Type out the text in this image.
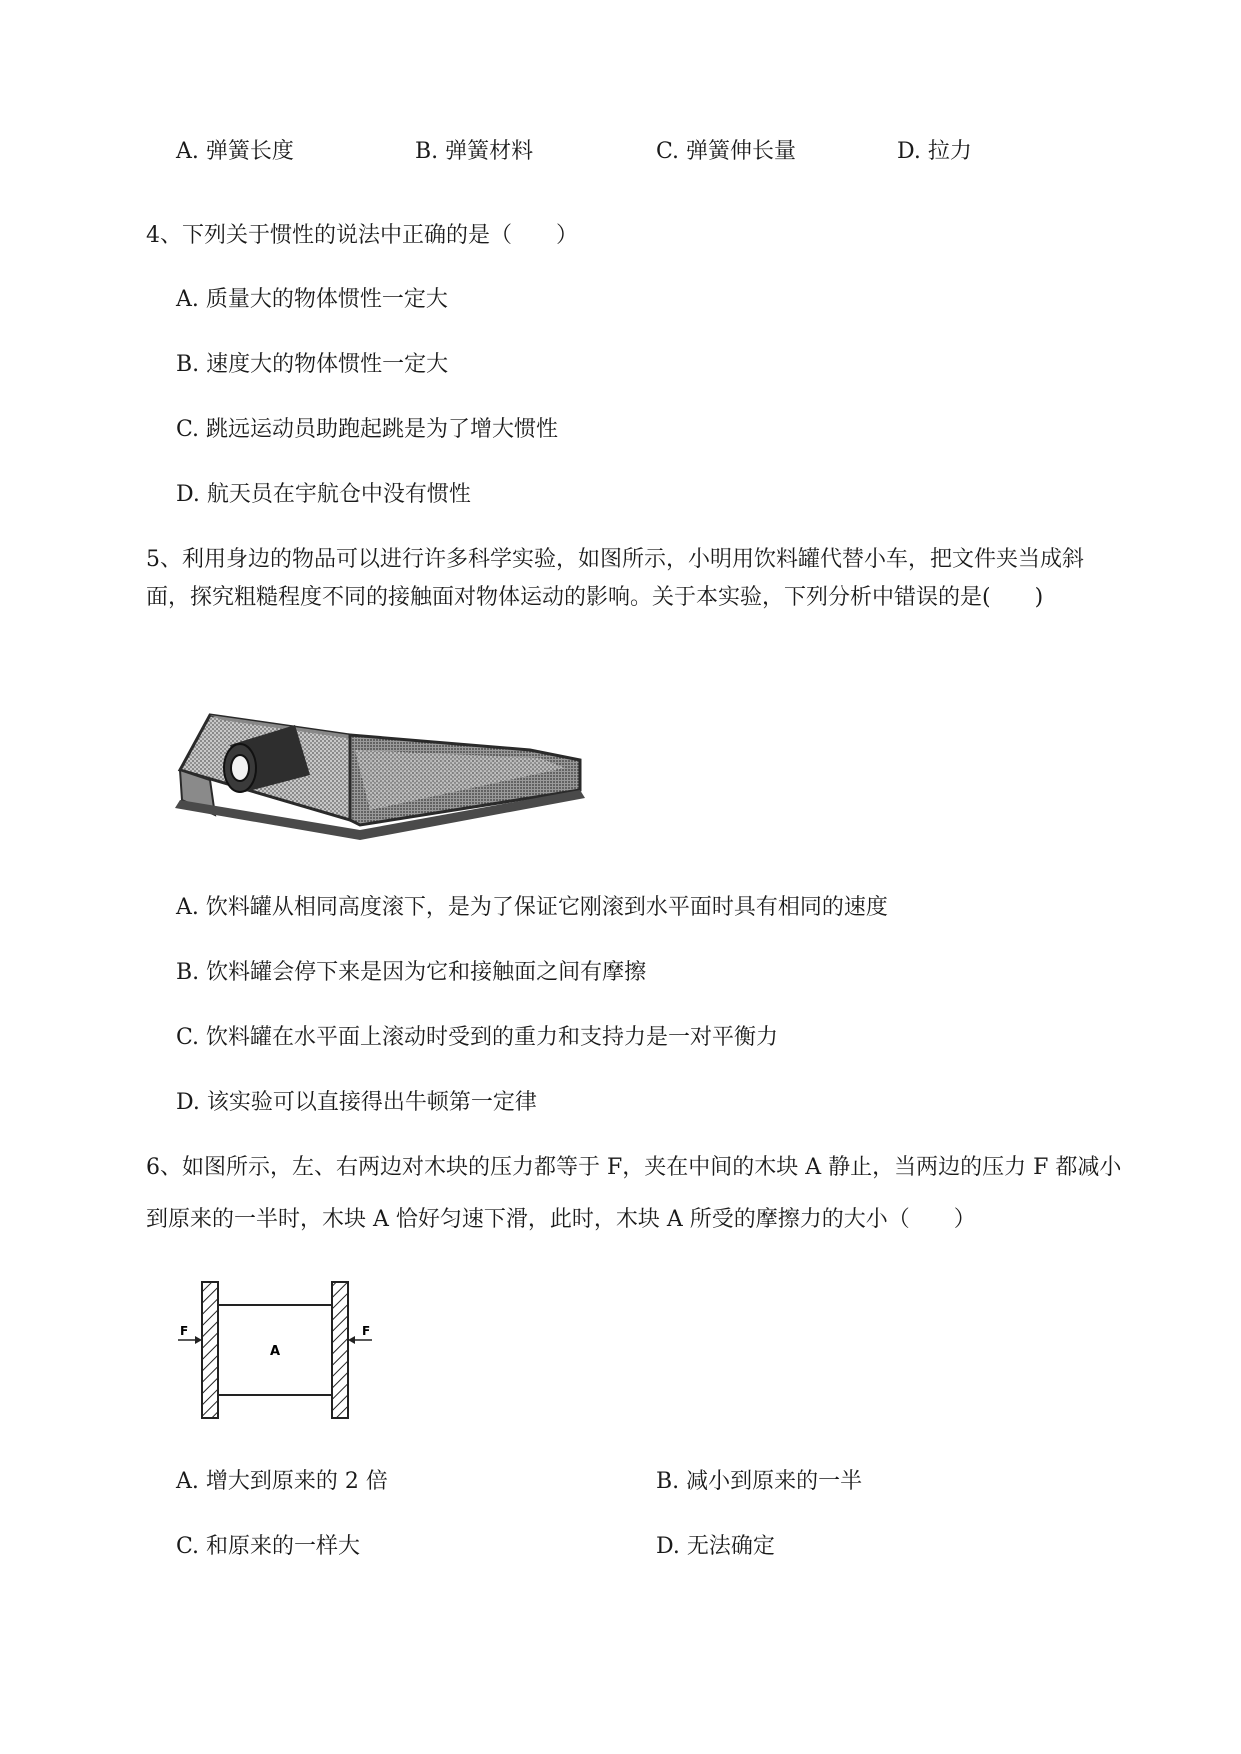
A. 弹簧长度	B. 弹簧材料	C. 弹簧伸长量	D. 拉力
4、下列关于惯性的说法中正确的是（　　）
A. 质量大的物体惯性一定大
B. 速度大的物体惯性一定大
C. 跳远运动员助跑起跳是为了增大惯性
D. 航天员在宇航仓中没有惯性
5、利用身边的物品可以进行许多科学实验，如图所示，小明用饮料罐代替小车，把文件夹当成斜
面，探究粗糙程度不同的接触面对物体运动的影响。关于本实验，下列分析中错误的是(　　)
A. 饮料罐从相同高度滚下，是为了保证它刚滚到水平面时具有相同的速度
B. 饮料罐会停下来是因为它和接触面之间有摩擦
C. 饮料罐在水平面上滚动时受到的重力和支持力是一对平衡力
D. 该实验可以直接得出牛顿第一定律
6、如图所示，左、右两边对木块的压力都等于 F，夹在中间的木块 A 静止，当两边的压力 F 都减小
到原来的一半时，木块 A 恰好匀速下滑，此时，木块 A 所受的摩擦力的大小（　　）
A
F	F
A. 增大到原来的 2 倍	B. 减小到原来的一半
C. 和原来的一样大	D. 无法确定
